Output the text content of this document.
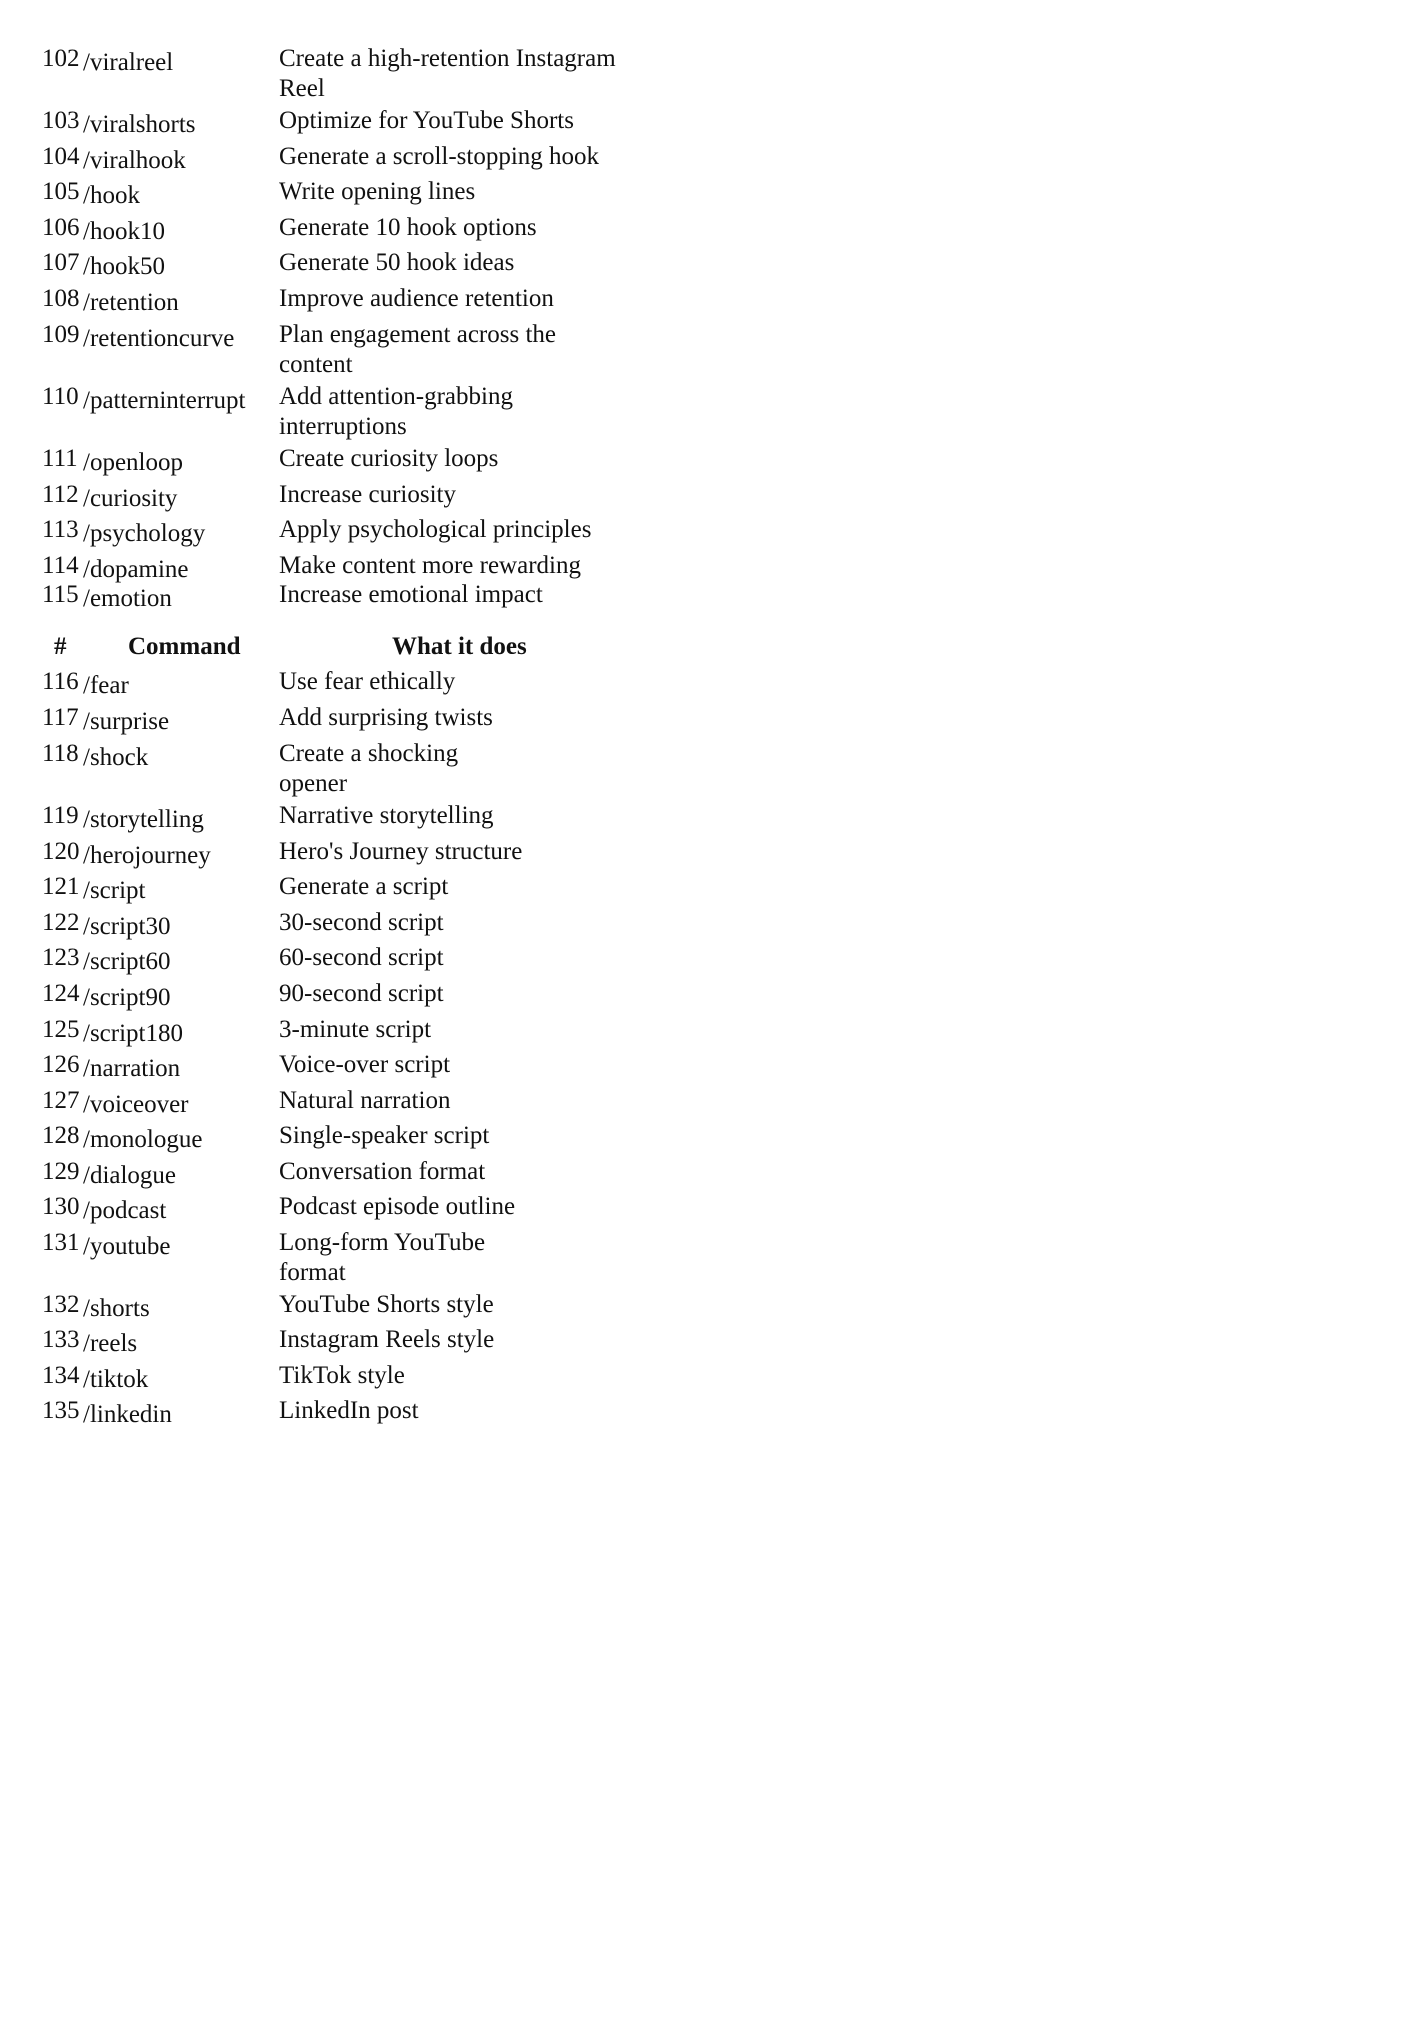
102 /viralreel	Create a high-retention Instagram
Reel
103 /viralshorts	Optimize for YouTube Shorts
104 /viralhook	Generate a scroll-stopping hook
105 /hook	Write opening lines
106 /hook10	Generate 10 hook options
107 /hook50	Generate 50 hook ideas
108 /retention	Improve audience retention
109 /retentioncurve Plan engagement across the
content
110 /patterninterrupt Add attention-grabbing
interruptions
111 /openloop	Create curiosity loops
112 /curiosity	Increase curiosity
113 /psychology	Apply psychological principles
114 /dopamine	Make content more rewarding
115 /emotion	Increase emotional impact
# Command	What it does
116 /fear	Use fear ethically
117 /surprise	Add surprising twists
118 /shock	Create a shocking
opener
119 /storytelling	Narrative storytelling
120 /herojourney	Hero's Journey structure
121 /script	Generate a script
122 /script30	30-second script
123 /script60	60-second script
124 /script90	90-second script
125 /script180	3-minute script
126 /narration	Voice-over script
127 /voiceover	Natural narration
128 /monologue	Single-speaker script
129 /dialogue	Conversation format
130 /podcast	Podcast episode outline
131 /youtube	Long-form YouTube
format
132 /shorts	YouTube Shorts style
133 /reels	Instagram Reels style
134 /tiktok	TikTok style
135 /linkedin	LinkedIn post
